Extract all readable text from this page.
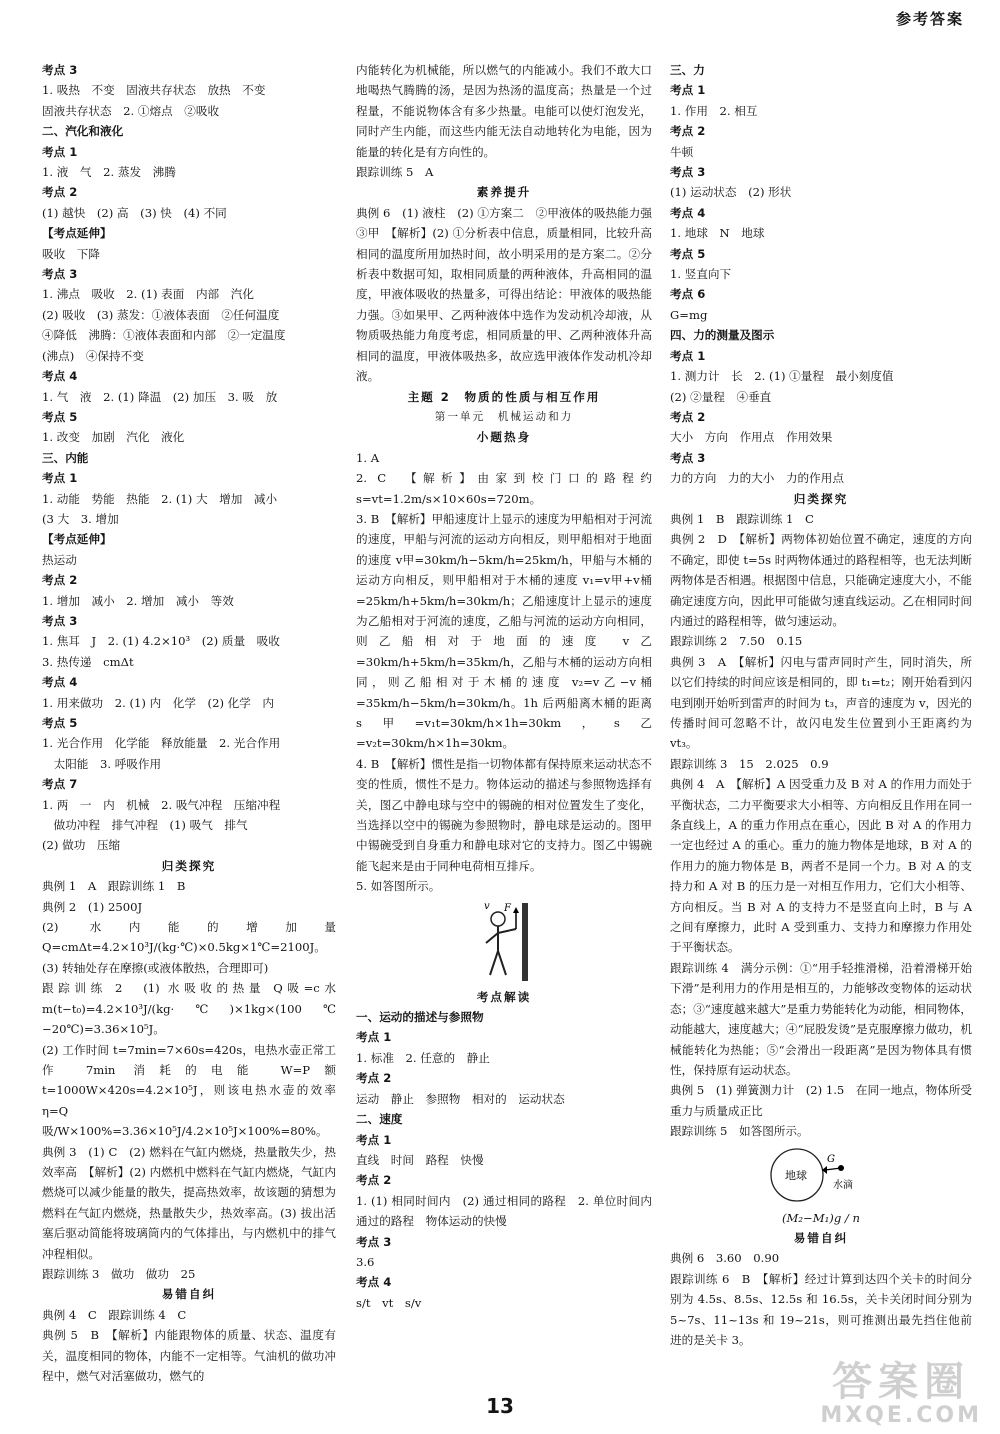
参考答案
考点 3
1. 吸热　不变　固液共存状态　放热　不变
固液共存状态　2. ①熔点　②吸收
二、汽化和液化
考点 1
1. 液　气　2. 蒸发　沸腾
考点 2
(1) 越快　(2) 高　(3) 快　(4) 不同
【考点延伸】
吸收　下降
考点 3
1. 沸点　吸收　2. (1) 表面　内部　汽化
(2) 吸收　(3) 蒸发：①液体表面　②任何温度
④降低　沸腾：①液体表面和内部　②一定温度
(沸点)　④保持不变
考点 4
1. 气　液　2. (1) 降温　(2) 加压　3. 吸　放
考点 5
1. 改变　加剧　汽化　液化
三、内能
考点 1
1. 动能　势能　热能　2. (1) 大　增加　减小
(3 大　3. 增加
【考点延伸】
热运动
考点 2
1. 增加　减小　2. 增加　减小　等效
考点 3
1. 焦耳　J　2. (1) 4.2×10³　(2) 质量　吸收
3. 热传递　cmΔt
考点 4
1. 用来做功　2. (1) 内　化学　(2) 化学　内
考点 5
1. 光合作用　化学能　释放能量　2. 光合作用
　太阳能　3. 呼吸作用
考点 7
1. 两　一　内　机械　2. 吸气冲程　压缩冲程
　做功冲程　排气冲程　(1) 吸气　排气
(2) 做功　压缩
归类探究
典例 1　A　跟踪训练 1　B
典例 2　(1) 2500J
(2) 水内能的增加量 Q=cmΔt=4.2×10³J/(kg·℃)×0.5kg×1℃=2100J。
(3) 转轴处存在摩擦(或液体散热，合理即可)
跟踪训练 2　(1) 水吸收的热量 Q吸=c水m(t−t₀)=4.2×10³J/(kg·℃)×1kg×(100℃−20℃)=3.36×10⁵J。
(2) 工作时间 t=7min=7×60s=420s，电热水壶正常工作 7min 消耗的电能 W=P额t=1000W×420s=4.2×10⁵J，则该电热水壶的效率 η=Q吸/W×100%=3.36×10⁵J/4.2×10⁵J×100%=80%。
典例 3　(1) C　(2) 燃料在气缸内燃烧，热量散失少，热效率高　【解析】(2) 内燃机中燃料在气缸内燃烧，气缸内燃烧可以减少能量的散失，提高热效率，故该题的猜想为燃料在气缸内燃烧，热量散失少，热效率高。(3) 拔出活塞后驱动简能将玻璃筒内的气体排出，与内燃机中的排气冲程相似。
跟踪训练 3　做功　做功　25
易错自纠
典例 4　C　跟踪训练 4　C
典例 5　B　【解析】内能跟物体的质量、状态、温度有关，温度相同的物体，内能不一定相等。气油机的做功冲程中，燃气对活塞做功，燃气的
内能转化为机械能，所以燃气的内能减小。我们不敢大口地喝热气腾腾的汤，是因为热汤的温度高；热量是一个过程量，不能说物体含有多少热量。电能可以使灯泡发光，同时产生内能，而这些内能无法自动地转化为电能，因为能量的转化是有方向性的。
跟踪训练 5　A
素养提升
典例 6　(1) 液柱　(2) ①方案二　②甲液体的吸热能力强　③甲　【解析】(2) ①分析表中信息，质量相同，比较升高相同的温度所用加热时间，故小明采用的是方案二。②分析表中数据可知，取相同质量的两种液体，升高相同的温度，甲液体吸收的热量多，可得出结论：甲液体的吸热能力强。③如果甲、乙两种液体中选作为发动机冷却液，从物质吸热能力角度考虑，相同质量的甲、乙两种液体升高相同的温度，甲液体吸热多，故应选甲液体作发动机冷却液。
主题 2　物质的性质与相互作用
第一单元　机械运动和力
小题热身
1. A
2. C　【解析】由家到校门口的路程约 s=vt=1.2m/s×10×60s=720m。
3. B　【解析】甲船速度计上显示的速度为甲船相对于河流的速度，甲船与河流的运动方向相反，则甲船相对于地面的速度 v甲=30km/h−5km/h=25km/h，甲船与木桶的运动方向相反，则甲船相对于木桶的速度 v₁=v甲+v桶=25km/h+5km/h=30km/h；乙船速度计上显示的速度为乙船相对于河流的速度，乙船与河流的运动方向相同，则乙船相对于地面的速度 v乙=30km/h+5km/h=35km/h，乙船与木桶的运动方向相同，则乙船相对于木桶的速度 v₂=v乙−v桶=35km/h−5km/h=30km/h。1h 后两船离木桶的距离 s甲=v₁t=30km/h×1h=30km，s乙=v₂t=30km/h×1h=30km。
4. B　【解析】惯性是指一切物体都有保持原来运动状态不变的性质，惯性不是力。物体运动的描述与参照物选择有关，图乙中静电球与空中的锡碗的相对位置发生了变化，当选择以空中的锡碗为参照物时，静电球是运动的。图甲中锡碗受到自身重力和静电球对它的支持力。图乙中锡碗能飞起来是由于同种电荷相互排斥。
5. 如答图所示。
F
v
考点解读
一、运动的描述与参照物
考点 1
1. 标准　2. 任意的　静止
考点 2
运动　静止　参照物　相对的　运动状态
二、速度
考点 1
直线　时间　路程　快慢
考点 2
1. (1) 相同时间内　(2) 通过相同的路程　2. 单位时间内通过的路程　物体运动的快慢
考点 3
3.6
考点 4
s/t　vt　s/v
三、力
考点 1
1. 作用　2. 相互
考点 2
牛顿
考点 3
(1) 运动状态　(2) 形状
考点 4
1. 地球　N　地球
考点 5
1. 竖直向下
考点 6
G=mg
四、力的测量及图示
考点 1
1. 测力计　长　2. (1) ①量程　最小刻度值
(2) ②量程　④垂直
考点 2
大小　方向　作用点　作用效果
考点 3
力的方向　力的大小　力的作用点
归类探究
典例 1　B　跟踪训练 1　C
典例 2　D　【解析】两物体初始位置不确定，速度的方向不确定，即使 t=5s 时两物体通过的路程相等，也无法判断两物体是否相遇。根据图中信息，只能确定速度大小，不能确定速度方向，因此甲可能做匀速直线运动。乙在相同时间内通过的路程相等，做匀速运动。
跟踪训练 2　7.50　0.15
典例 3　A　【解析】闪电与雷声同时产生，同时消失，所以它们持续的时间应该是相同的，即 t₁=t₂；刚开始看到闪电到刚开始听到雷声的时间为 t₃，声音的速度为 v，因光的传播时间可忽略不计，故闪电发生位置到小王距离约为 vt₃。
跟踪训练 3　15　2.025　0.9
典例 4　A　【解析】A 因受重力及 B 对 A 的作用力而处于平衡状态，二力平衡要求大小相等、方向相反且作用在同一条直线上，A 的重力作用点在重心，因此 B 对 A 的作用力一定也经过 A 的重心。重力的施力物体是地球，B 对 A 的作用力的施力物体是 B，两者不是同一个力。B 对 A 的支持力和 A 对 B 的压力是一对相互作用力，它们大小相等、方向相反。当 B 对 A 的支持力不是竖直向上时，B 与 A 之间有摩擦力，此时 A 受到重力、支持力和摩擦力作用处于平衡状态。
跟踪训练 4　满分示例：①“用手轻推滑梯，沿着滑梯开始下滑”是利用力的作用是相互的，力能够改变物体的运动状态；③“速度越来越大”是重力势能转化为动能，相同物体，动能越大，速度越大；④“屁股发烫”是克服摩擦力做功，机械能转化为热能；⑤“会滑出一段距离”是因为物体具有惯性，保持原有运动状态。
典例 5　(1) 弹簧测力计　(2) 1.5　在同一地点，物体所受重力与质量成正比
跟踪训练 5　如答图所示。
地球
G
水滴
(M₂−M₁)g / n
易错自纠
典例 6　3.60　0.90
跟踪训练 6　B　【解析】经过计算到达四个关卡的时间分别为 4.5s、8.5s、12.5s 和 16.5s，关卡关闭时间分别为 5~7s、11~13s 和 19~21s，则可推测出最先挡住他前进的是关卡 3。
13
答案圈
MXQE.COM
